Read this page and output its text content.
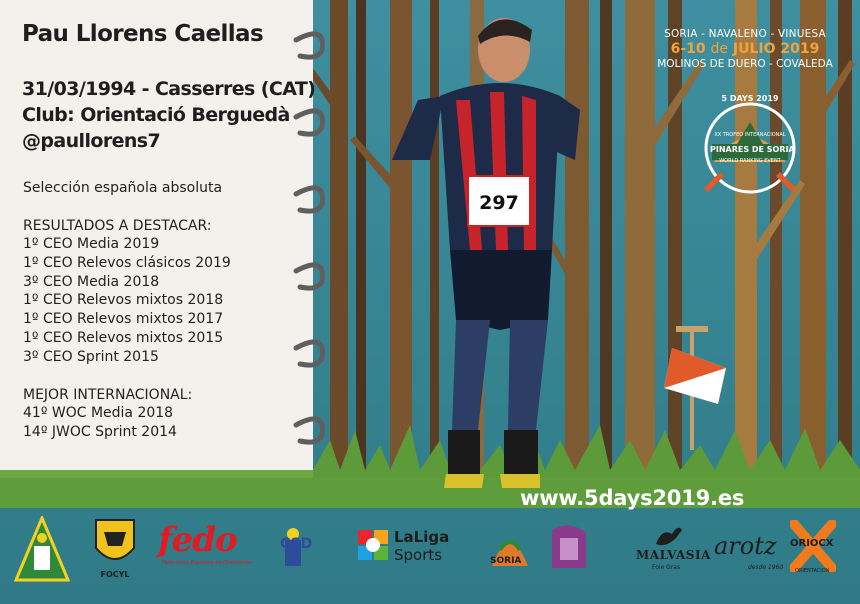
297
Pau Llorens Caellas
31/03/1994 - Casserres (CAT)
Club: Orientació Berguedà
@paullorens7
Selección española absoluta
RESULTADOS A DESTACAR:
1º CEO Media 2019
1º CEO Relevos clásicos 2019
3º CEO Media 2018
1º CEO Relevos mixtos 2018
1º CEO Relevos mixtos 2017
1º CEO Relevos mixtos 2015
3º CEO Sprint 2015
MEJOR INTERNACIONAL:
41º WOC Media 2018
14º JWOC Sprint 2014
SORIA - NAVALENO - VINUESA
6-10 de JULIO 2019
MOLINOS DE DUERO - COVALEDA
5 DAYS 2019
XX TROFEO INTERNACIONAL
PINARES DE SORIA
WORLD RANKING EVENT
www.5days2019.es
FOCYL
fedo
Federación Española de Orientación
CSD	LaLiga
Sports	SORIA	MALVASIA
Foie Gras
arotz
desde 1960
ORIOCX
ORIENTACION
